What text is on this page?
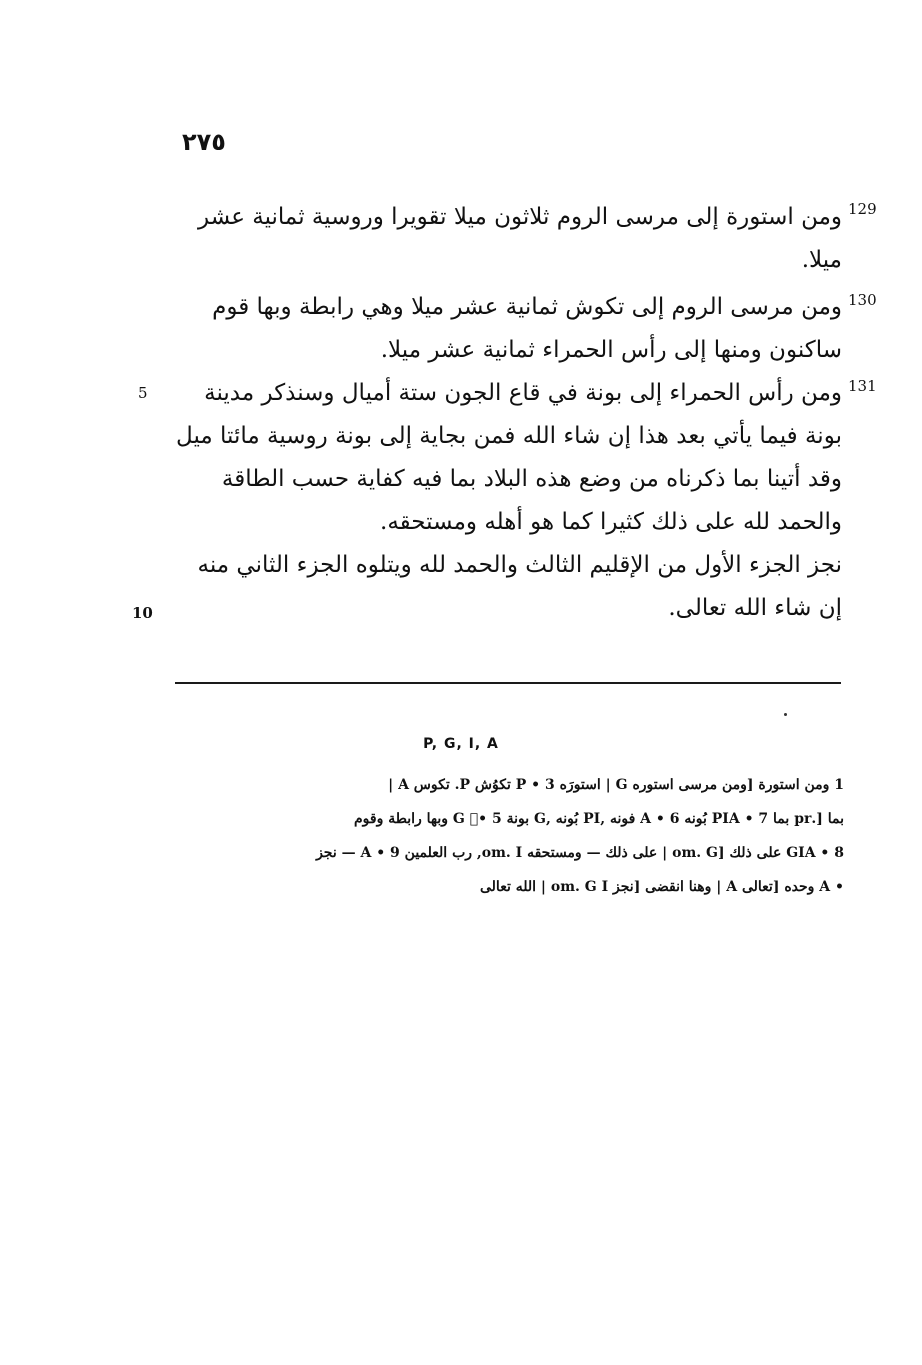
٢٧٥
129
ومن استورة إلى مرسى الروم ثلاثون ميلا تقويرا وروسية ثمانية عشر
ميلا.
130
ومن مرسى الروم إلى تكوش ثمانية عشر ميلا وهي رابطة وبها قوم
ساكنون ومنها إلى رأس الحمراء ثمانية عشر ميلا.
131
ومن رأس الحمراء إلى بونة في قاع الجون ستة أميال وسنذكر مدينة
بونة فيما يأتي بعد هذا إن شاء الله فمن بجاية إلى بونة روسية مائتا ميل
وقد أتينا بما ذكرناه من وضع هذه البلاد بما فيه كفاية حسب الطاقة
والحمد لله على ذلك كثيرا كما هو أهله ومستحقه.
نجز الجزء الأول من الإقليم الثالث والحمد لله ويتلوه الجزء الثاني منه
إن شاء الله تعالى.
5
10
P, G, I, A
1 ومن استورة [ومن مرسى استوره G | استورَه P • 3 تكوُش P. تكوس A |
بما [.pr بما 7 • PIA بُونه 6 • A فونه ,PI بُونه ,G بونة 5 •ُ G وبها رابطة وقوم
GIA • 8 على ذلك [om. G | على ذلك — ومستحقه om. I, رب العلمين A • 9 — نجز
• A وحده [تعالى A | وهنا انقضى [نجز om. G I | الله تعالى
